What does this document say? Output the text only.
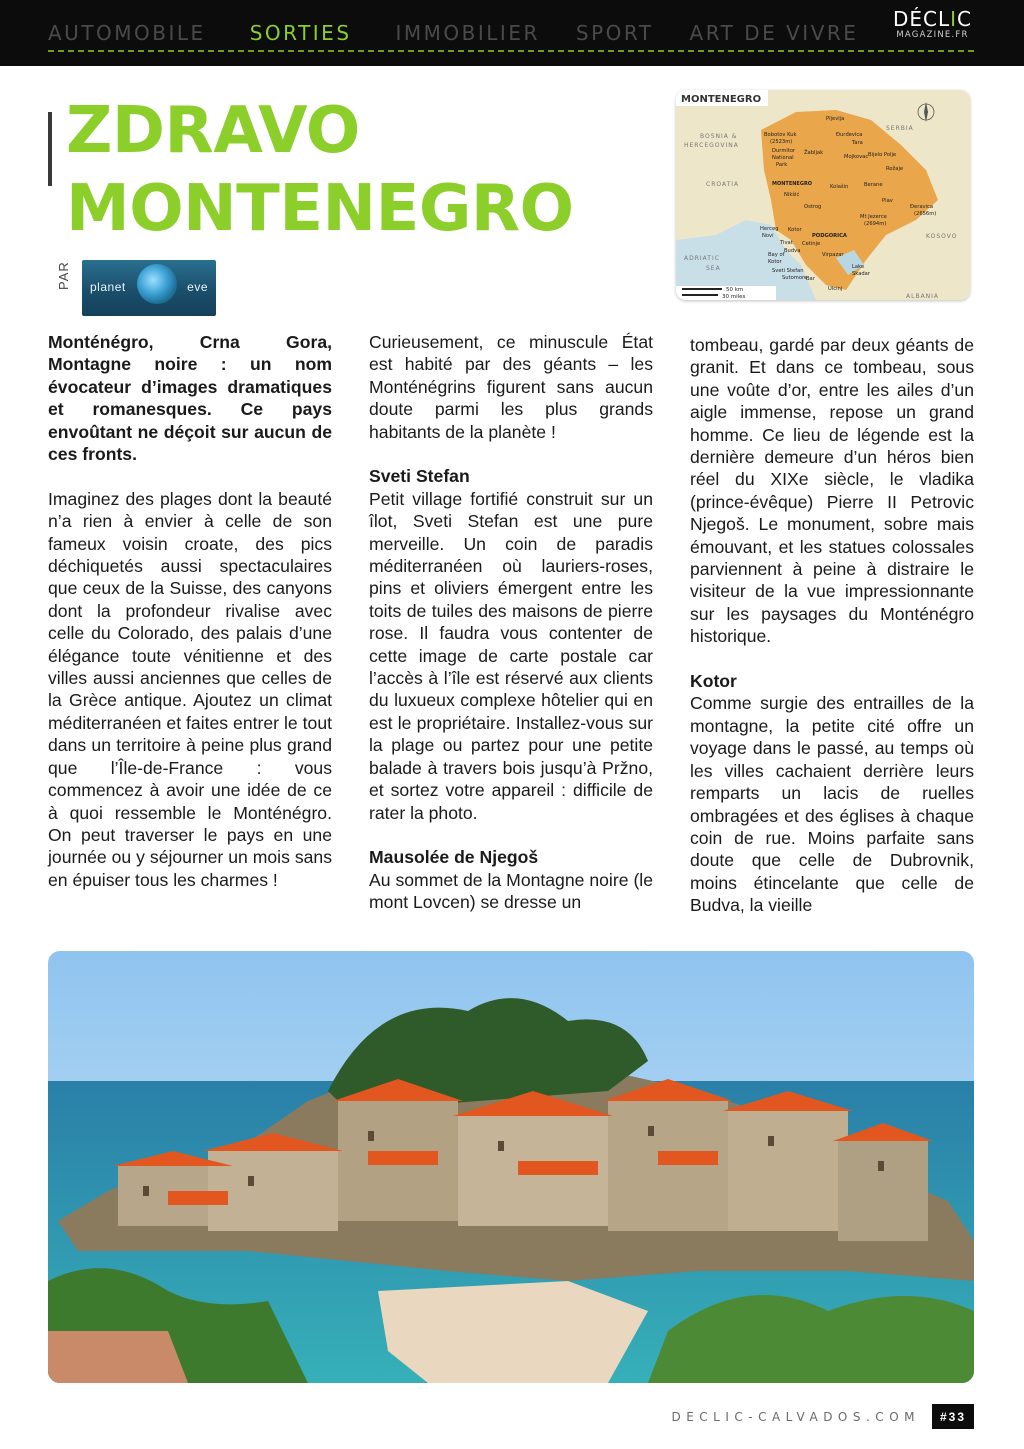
AUTOMOBILE SORTIES IMMOBILIER SPORT ART DE VIVRE
DÉCLIC
MAGAZINE.FR
ZDRAVO
MONTENEGRO
PAR planet	eve
MONTENEGRO
BOSNIA &
HERCEGOVINA
SERBIA
CROATIA
KOSOVO
ALBANIA
ADRIATIC
SEA
Pljevlja
Bobotov Kuk
(2523m)
Durmitor
National
Park
Žabljak
Đurđevica
Tara
Mojkovac Bijelo Polje
Berane
Rožaje
Plav
Kolašin
MONTENEGRO
Nikšić
Ostrog
Mt Jezerce
(2694m)
Đeravica
(2656m)
Herceg
Novi
Kotor
Tivat
Budva
Cetinje
PODGORICA
Virpazar
Bay of
Kotor
Sveti Stefan
Sutomore
Bar
Lake
Skadar
Ulcinj
50 km
30 miles

Monténégro, Crna Gora, Montagne noire : un nom évocateur d’images dramatiques et romanesques. Ce pays envoûtant ne déçoit sur aucun de ces fronts.

Imaginez des plages dont la beauté n’a rien à envier à celle de son fameux voisin croate, des pics déchiquetés aussi spectaculaires que ceux de la Suisse, des canyons dont la profondeur rivalise avec celle du Colorado, des palais d’une élégance toute vénitienne et des villes aussi anciennes que celles de la Grèce antique. Ajoutez un climat méditerranéen et faites entrer le tout dans un territoire à peine plus grand que l’Île-de-France : vous commencez à avoir une idée de ce à quoi ressemble le Monténégro. On peut traverser le pays en une journée ou y séjourner un mois sans en épuiser tous les charmes !

Curieusement, ce minuscule État est habité par des géants – les Monténégrins figurent sans aucun doute parmi les plus grands habitants de la planète !

Sveti Stefan

Petit village fortifié construit sur un îlot, Sveti Stefan est une pure merveille. Un coin de paradis méditerranéen où lauriers-roses, pins et oliviers émergent entre les toits de tuiles des maisons de pierre rose. Il faudra vous contenter de cette image de carte postale car l’accès à l’île est réservé aux clients du luxueux complexe hôtelier qui en est le propriétaire. Installez-vous sur la plage ou partez pour une petite balade à travers bois jusqu’à Pržno, et sortez votre appareil : difficile de rater la photo.

Mausolée de Njegoš

Au sommet de la Montagne noire (le mont Lovcen) se dresse un

tombeau, gardé par deux géants de granit. Et dans ce tombeau, sous une voûte d’or, entre les ailes d’un aigle immense, repose un grand homme. Ce lieu de légende est la dernière demeure d’un héros bien réel du XIXe siècle, le vladika (prince-évêque) Pierre II Petrovic Njegoš. Le monument, sobre mais émouvant, et les statues colossales parviennent à peine à distraire le visiteur de la vue impressionnante sur les paysages du Monténégro historique.

Kotor

Comme surgie des entrailles de la montagne, la petite cité offre un voyage dans le passé, au temps où les villes cachaient derrière leurs remparts un lacis de ruelles ombragées et des églises à chaque coin de rue. Moins parfaite sans doute que celle de Dubrovnik, moins étincelante que celle de Budva, la vieille

DECLIC-CALVADOS.COM	#33
